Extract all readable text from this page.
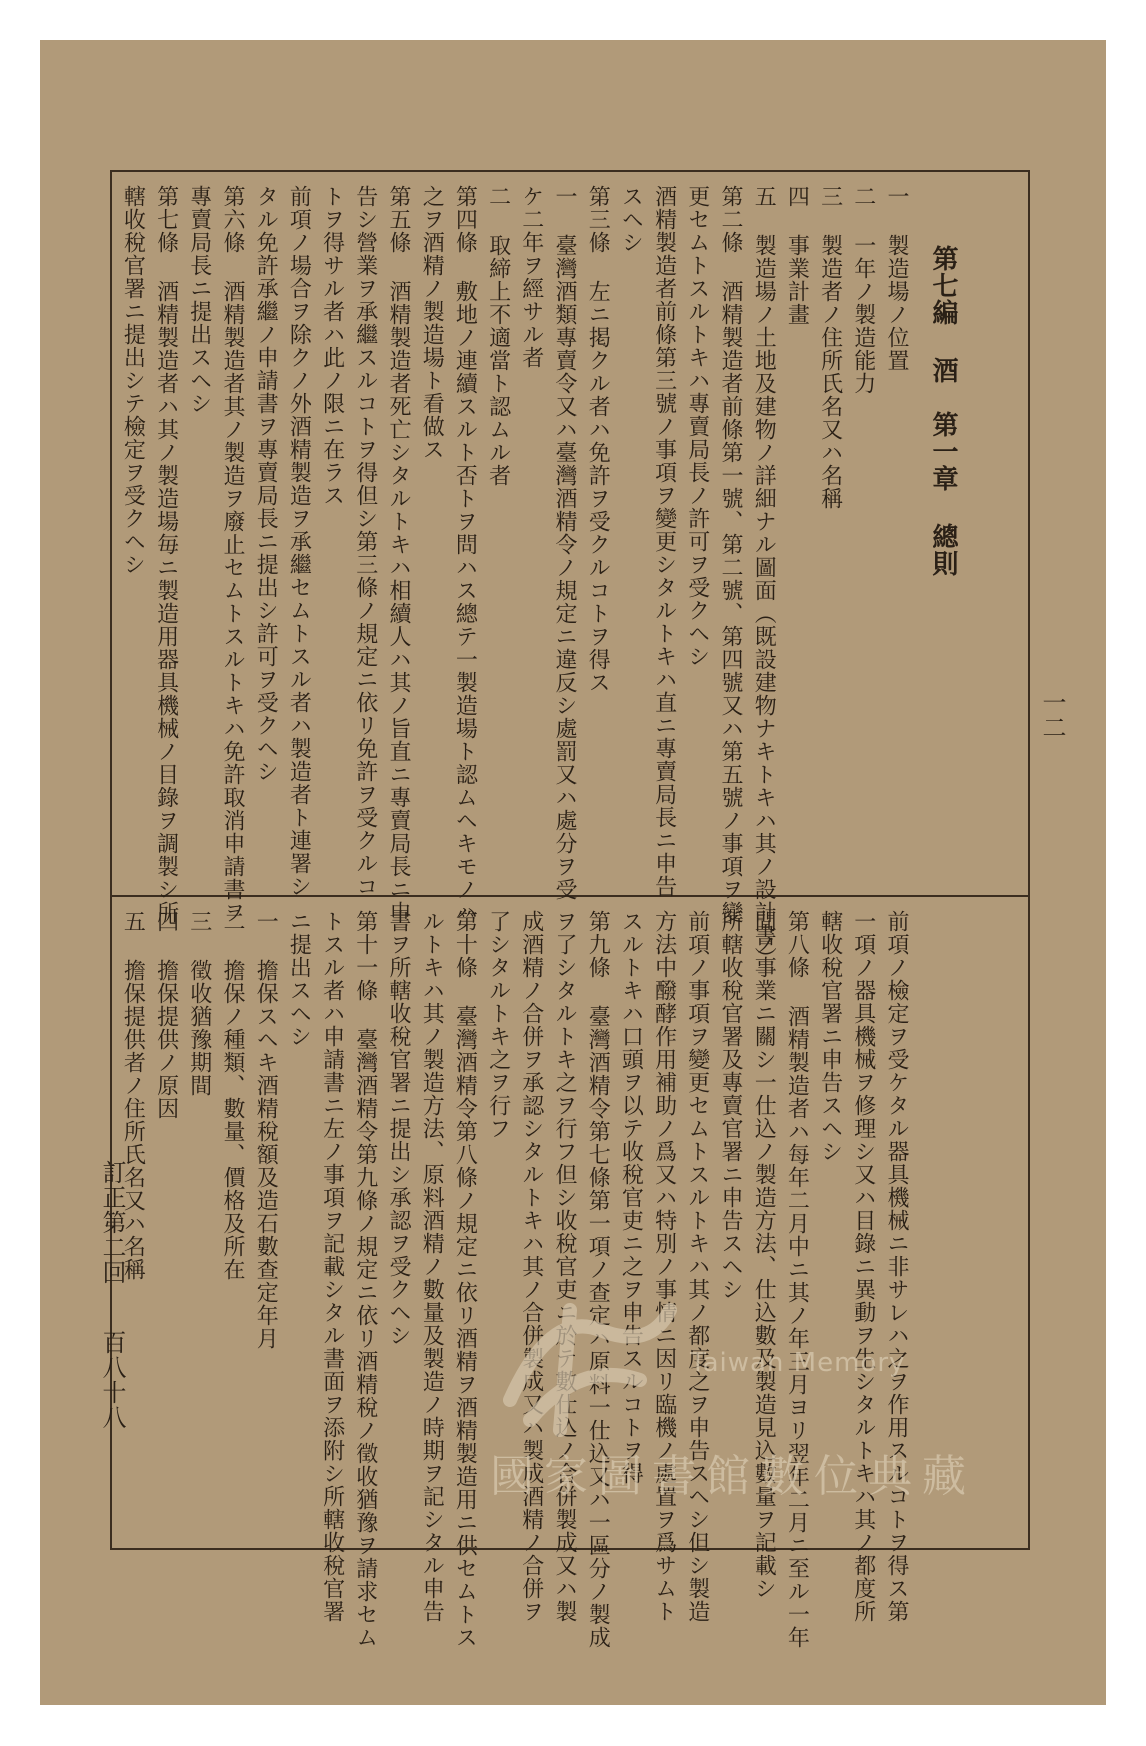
第七編 酒　第一章 總則
一二
訂正第二回
百八十八
一 製造場ノ位置
二 一年ノ製造能力
三 製造者ノ住所氏名又ハ名稱
四 事業計畫
五 製造場ノ土地及建物ノ詳細ナル圖面（既設建物ナキトキハ其ノ設計書）
第二條 酒精製造者前條第一號、第二號、第四號又ハ第五號ノ事項ヲ變
更セムトスルトキハ專賣局長ノ許可ヲ受クヘシ
酒精製造者前條第三號ノ事項ヲ變更シタルトキハ直ニ專賣局長ニ申告
スヘシ
第三條 左ニ掲クル者ハ免許ヲ受クルコトヲ得ス
一 臺灣酒類專賣令又ハ臺灣酒精令ノ規定ニ違反シ處罰又ハ處分ヲ受
ケ二年ヲ經サル者
二 取締上不適當ト認ムル者
第四條 敷地ノ連續スルト否トヲ問ハス總テ一製造場ト認ムヘキモノハ
之ヲ酒精ノ製造場ト看做ス
第五條 酒精製造者死亡シタルトキハ相續人ハ其ノ旨直ニ專賣局長ニ申
告シ營業ヲ承繼スルコトヲ得但シ第三條ノ規定ニ依リ免許ヲ受クルコ
トヲ得サル者ハ此ノ限ニ在ラス
前項ノ場合ヲ除クノ外酒精製造ヲ承繼セムトスル者ハ製造者ト連署シ
タル免許承繼ノ申請書ヲ專賣局長ニ提出シ許可ヲ受クヘシ
第六條 酒精製造者其ノ製造ヲ廢止セムトスルトキハ免許取消申請書ヲ
專賣局長ニ提出スヘシ
第七條 酒精製造者ハ其ノ製造場毎ニ製造用器具機械ノ目錄ヲ調製シ所
轄收稅官署ニ提出シテ檢定ヲ受クヘシ
前項ノ檢定ヲ受ケタル器具機械ニ非サレハ之ヲ作用スルコトヲ得ス第
一項ノ器具機械ヲ修理シ又ハ目錄ニ異動ヲ生シタルトキハ其ノ都度所
轄收稅官署ニ申告スヘシ
第八條 酒精製造者ハ每年二月中ニ其ノ年三月ヨリ翌年二月ニ至ル一年
間ノ事業ニ關シ一仕込ノ製造方法、仕込數及製造見込數量ヲ記載シ
所轄收稅官署及專賣官署ニ申告スヘシ
前項ノ事項ヲ變更セムトスルトキハ其ノ都度之ヲ申告スヘシ但シ製造
方法中醱酵作用補助ノ爲又ハ特別ノ事情ニ因リ臨機ノ處置ヲ爲サムト
スルトキハ口頭ヲ以テ收稅官吏ニ之ヲ申告スルコトヲ得
第九條 臺灣酒精令第七條第一項ノ查定ハ原料一仕込又ハ一區分ノ製成
ヲ了シタルトキ之ヲ行フ但シ收稅官吏ニ於テ數仕込ノ合併製成又ハ製
成酒精ノ合併ヲ承認シタルトキハ其ノ合併製成又ハ製成酒精ノ合併ヲ
了シタルトキ之ヲ行フ
第十條 臺灣酒精令第八條ノ規定ニ依リ酒精ヲ酒精製造用ニ供セムトス
ルトキハ其ノ製造方法、原料酒精ノ數量及製造ノ時期ヲ記シタル申告
書ヲ所轄收稅官署ニ提出シ承認ヲ受クヘシ
第十一條 臺灣酒精令第九條ノ規定ニ依リ酒精稅ノ徵收猶豫ヲ請求セム
トスル者ハ申請書ニ左ノ事項ヲ記載シタル書面ヲ添附シ所轄收稅官署
ニ提出スヘシ
一 擔保スヘキ酒精稅額及造石數查定年月
二 擔保ノ種類、數量、價格及所在
三 徵收猶豫期間
四 擔保提供ノ原因
五 擔保提供者ノ住所氏名又ハ名稱
Taiwan Memory
國家圖書館數位典藏
